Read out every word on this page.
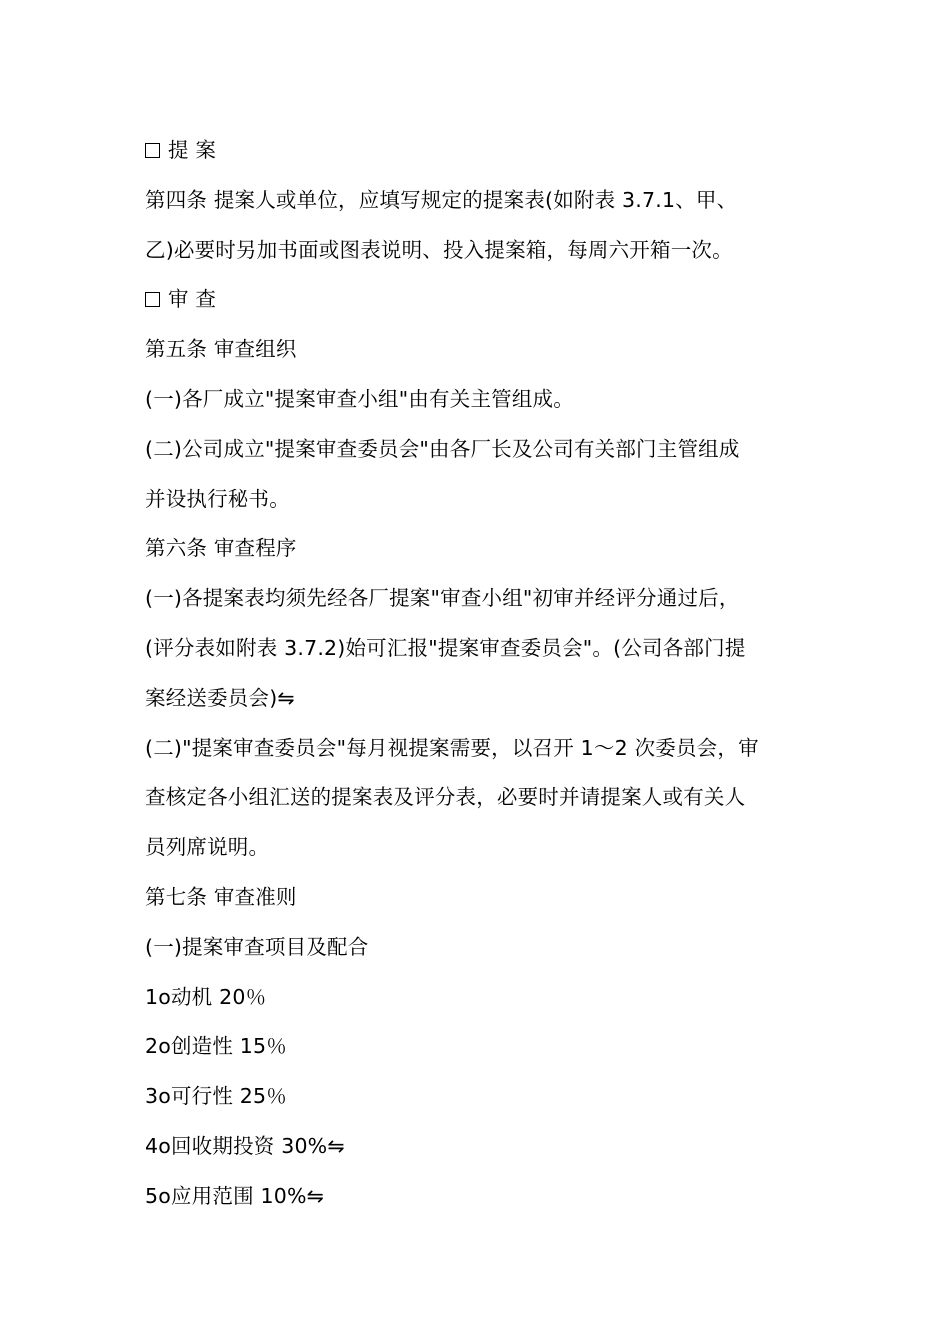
提 案
第四条 提案人或单位，应填写规定的提案表(如附表 3.7.1、甲、
乙)必要时另加书面或图表说明、投入提案箱，每周六开箱一次。
审 查
第五条 审查组织
(一)各厂成立"提案审查小组"由有关主管组成。
(二)公司成立"提案审查委员会"由各厂长及公司有关部门主管组成
并设执行秘书。
第六条 审查程序
(一)各提案表均须先经各厂提案"审查小组"初审并经评分通过后，
(评分表如附表 3.7.2)始可汇报"提案审查委员会"。(公司各部门提
案经送委员会)⇋
(二)"提案审查委员会"每月视提案需要，以召开 1～2 次委员会，审
查核定各小组汇送的提案表及评分表，必要时并请提案人或有关人
员列席说明。
第七条 审查准则
(一)提案审查项目及配合
1o动机 20％
2o创造性 15％
3o可行性 25％
4o回收期投资 30%⇋
5o应用范围 10%⇋
